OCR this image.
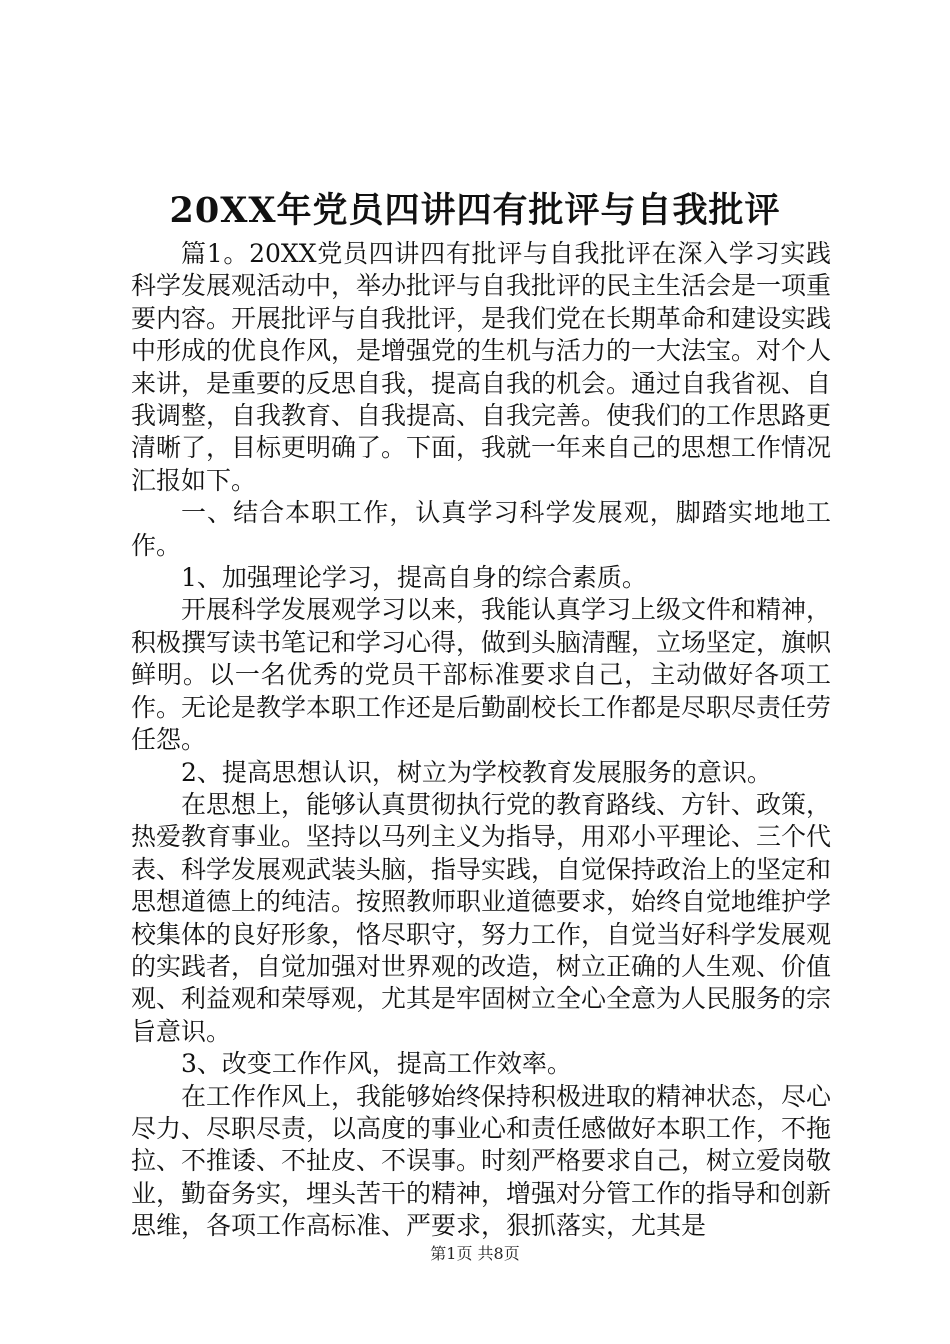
20XX年党员四讲四有批评与自我批评

篇1。20XX党员四讲四有批评与自我批评在深入学习实践科学发展观活动中，举办批评与自我批评的民主生活会是一项重要内容。开展批评与自我批评，是我们党在长期革命和建设实践中形成的优良作风，是增强党的生机与活力的一大法宝。对个人来讲，是重要的反思自我，提高自我的机会。通过自我省视、自我调整，自我教育、自我提高、自我完善。使我们的工作思路更清晰了，目标更明确了。下面，我就一年来自己的思想工作情况汇报如下。

一、结合本职工作，认真学习科学发展观，脚踏实地地工作。

1、加强理论学习，提高自身的综合素质。

开展科学发展观学习以来，我能认真学习上级文件和精神，积极撰写读书笔记和学习心得，做到头脑清醒，立场坚定，旗帜鲜明。以一名优秀的党员干部标准要求自己，主动做好各项工作。无论是教学本职工作还是后勤副校长工作都是尽职尽责任劳任怨。

2、提高思想认识，树立为学校教育发展服务的意识。

在思想上，能够认真贯彻执行党的教育路线、方针、政策，热爱教育事业。坚持以马列主义为指导，用邓小平理论、三个代表、科学发展观武装头脑，指导实践，自觉保持政治上的坚定和思想道德上的纯洁。按照教师职业道德要求，始终自觉地维护学校集体的良好形象，恪尽职守，努力工作，自觉当好科学发展观的实践者，自觉加强对世界观的改造，树立正确的人生观、价值观、利益观和荣辱观，尤其是牢固树立全心全意为人民服务的宗旨意识。

3、改变工作作风，提高工作效率。

在工作作风上，我能够始终保持积极进取的精神状态，尽心尽力、尽职尽责，以高度的事业心和责任感做好本职工作，不拖拉、不推诿、不扯皮、不误事。时刻严格要求自己，树立爱岗敬业，勤奋务实，埋头苦干的精神，增强对分管工作的指导和创新思维，各项工作高标准、严要求，狠抓落实，尤其是

第1页 共8页
